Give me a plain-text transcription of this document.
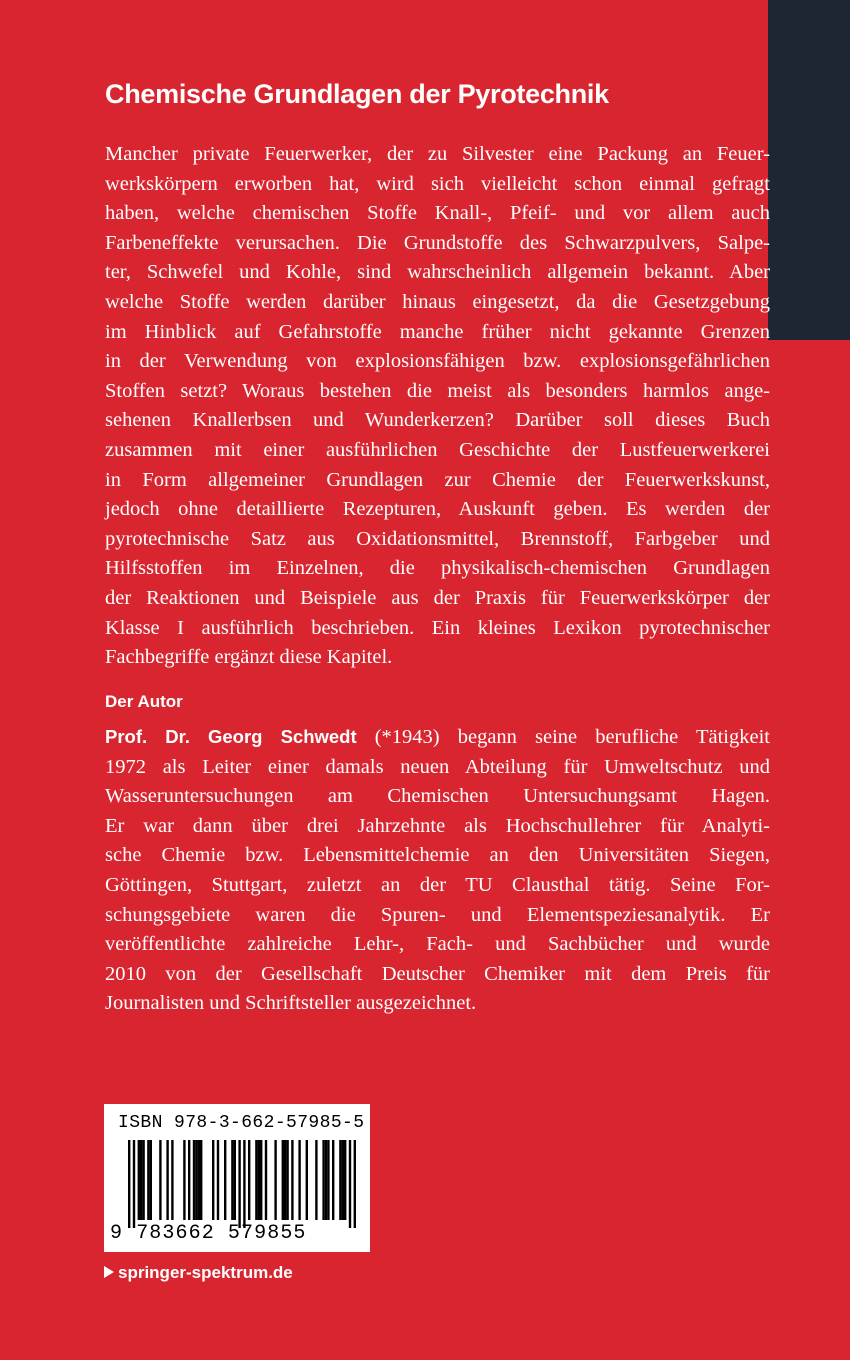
Chemische Grundlagen der Pyrotechnik
Mancher private Feuerwerker, der zu Silvester eine Packung an Feuer-
werkskörpern erworben hat, wird sich vielleicht schon einmal gefragt
haben, welche chemischen Stoffe Knall-, Pfeif- und vor allem auch
Farbeneffekte verursachen. Die Grundstoffe des Schwarzpulvers, Salpe-
ter, Schwefel und Kohle, sind wahrscheinlich allgemein bekannt. Aber
welche Stoffe werden darüber hinaus eingesetzt, da die Gesetzgebung
im Hinblick auf Gefahrstoffe manche früher nicht gekannte Grenzen
in der Verwendung von explosionsfähigen bzw. explosionsgefährlichen
Stoffen setzt? Woraus bestehen die meist als besonders harmlos ange-
sehenen Knallerbsen und Wunderkerzen? Darüber soll dieses Buch
zusammen mit einer ausführlichen Geschichte der Lustfeuerwerkerei
in Form allgemeiner Grundlagen zur Chemie der Feuerwerkskunst,
jedoch ohne detaillierte Rezepturen, Auskunft geben. Es werden der
pyrotechnische Satz aus Oxidationsmittel, Brennstoff, Farbgeber und
Hilfsstoffen im Einzelnen, die physikalisch-chemischen Grundlagen
der Reaktionen und Beispiele aus der Praxis für Feuerwerkskörper der
Klasse I ausführlich beschrieben. Ein kleines Lexikon pyrotechnischer
Fachbegriffe ergänzt diese Kapitel.
Der Autor
Prof. Dr. Georg Schwedt (*1943) begann seine berufliche Tätigkeit
1972 als Leiter einer damals neuen Abteilung für Umweltschutz und
Wasseruntersuchungen am Chemischen Untersuchungsamt Hagen.
Er war dann über drei Jahrzehnte als Hochschullehrer für Analyti-
sche Chemie bzw. Lebensmittelchemie an den Universitäten Siegen,
Göttingen, Stuttgart, zuletzt an der TU Clausthal tätig. Seine For-
schungsgebiete waren die Spuren- und Elementspeziesanalytik. Er
veröffentlichte zahlreiche Lehr-, Fach- und Sachbücher und wurde
2010 von der Gesellschaft Deutscher Chemiker mit dem Preis für
Journalisten und Schriftsteller ausgezeichnet.
ISBN 978-3-662-57985-5
9 783662 579855
springer-spektrum.de
